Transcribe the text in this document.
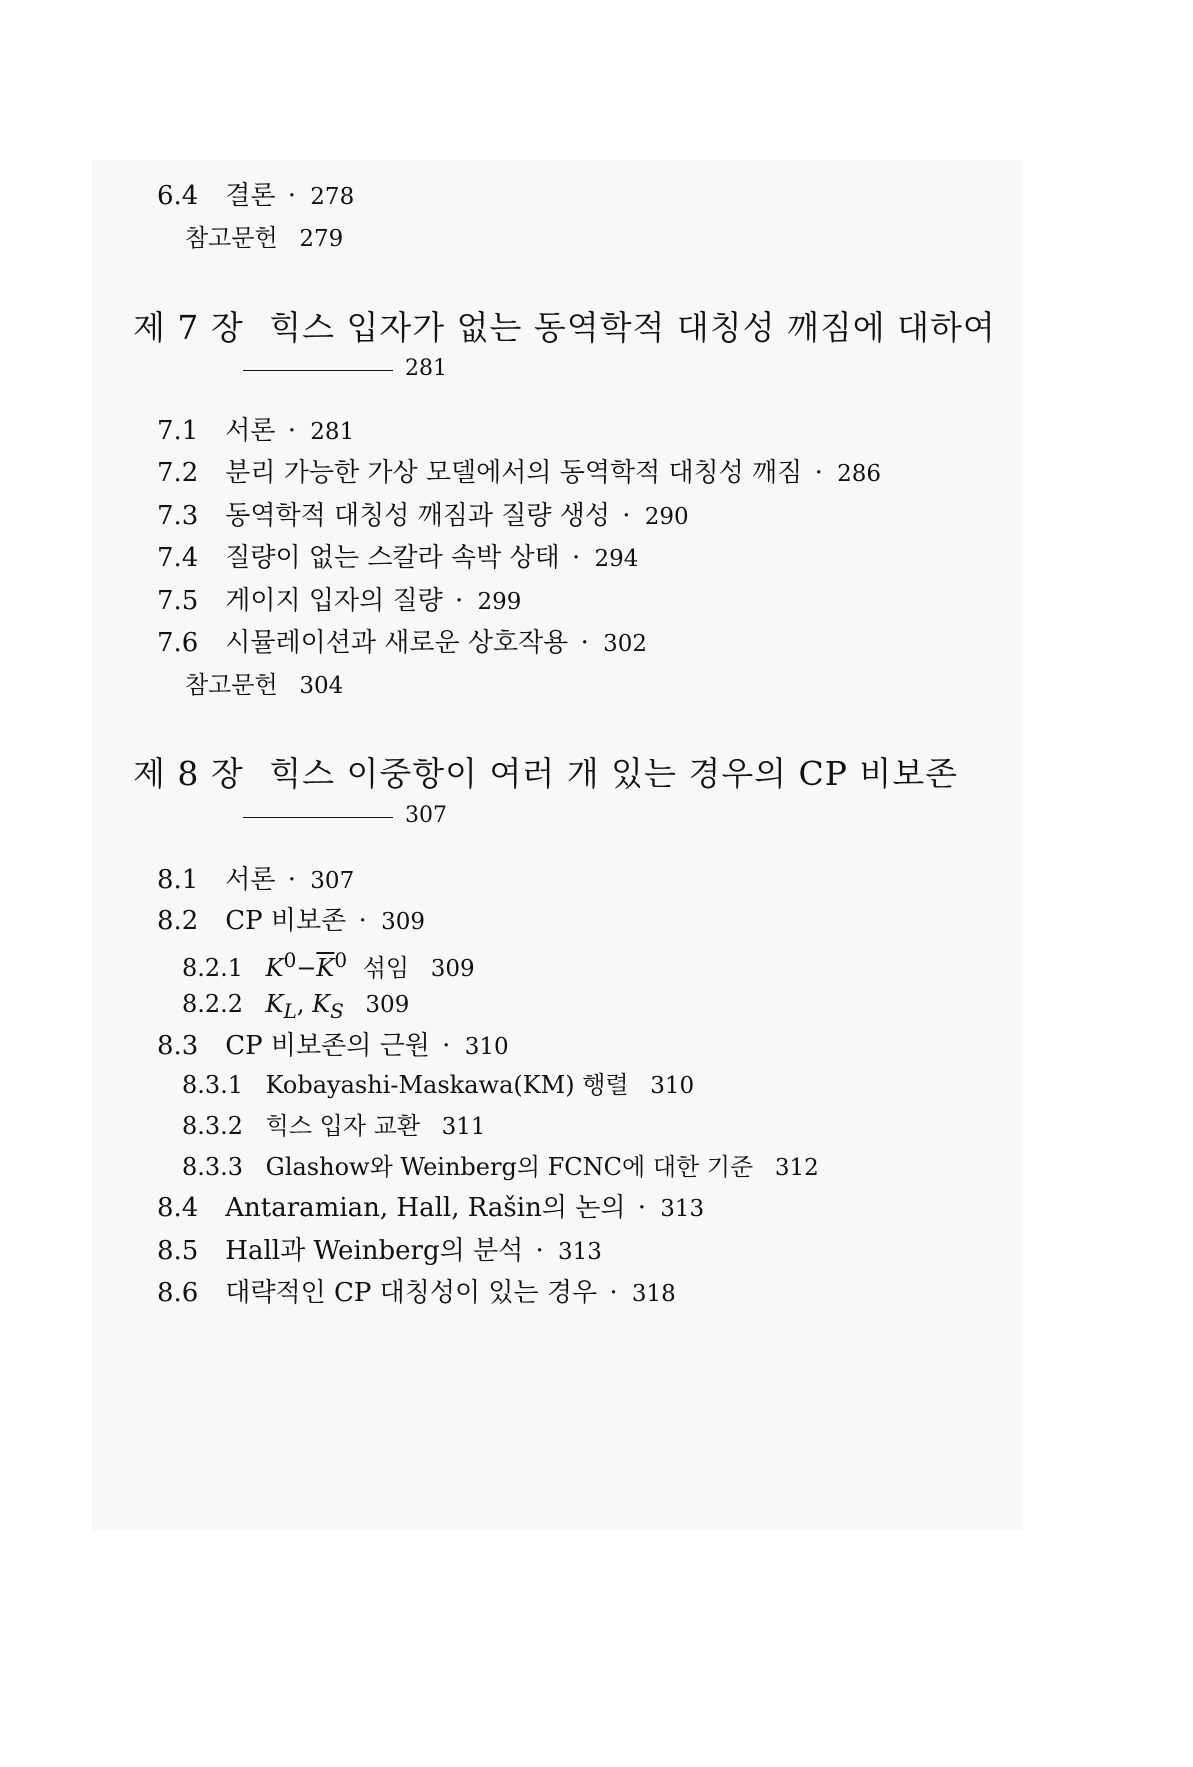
6.4 결론 · 278
참고문헌 279
제 7 장 힉스 입자가 없는 동역학적 대칭성 깨짐에 대하여
281
7.1 서론 · 281
7.2 분리 가능한 가상 모델에서의 동역학적 대칭성 깨짐 · 286
7.3 동역학적 대칭성 깨짐과 질량 생성 · 290
7.4 질량이 없는 스칼라 속박 상태 · 294
7.5 게이지 입자의 질량 · 299
7.6 시뮬레이션과 새로운 상호작용 · 302
참고문헌 304
제 8 장 힉스 이중항이 여러 개 있는 경우의 CP 비보존
307
8.1 서론 · 307
8.2 CP 비보존 · 309
8.2.1 $K^0-\overline{K}^0$ 섞임 309
8.2.2 $K_L$, $K_S$ 309
8.3 CP 비보존의 근원 · 310
8.3.1 Kobayashi-Maskawa(KM) 행렬 310
8.3.2 힉스 입자 교환 311
8.3.3 Glashow와 Weinberg의 FCNC에 대한 기준 312
8.4 Antaramian, Hall, Rašin의 논의 · 313
8.5 Hall과 Weinberg의 분석 · 313
8.6 대략적인 CP 대칭성이 있는 경우 · 318
